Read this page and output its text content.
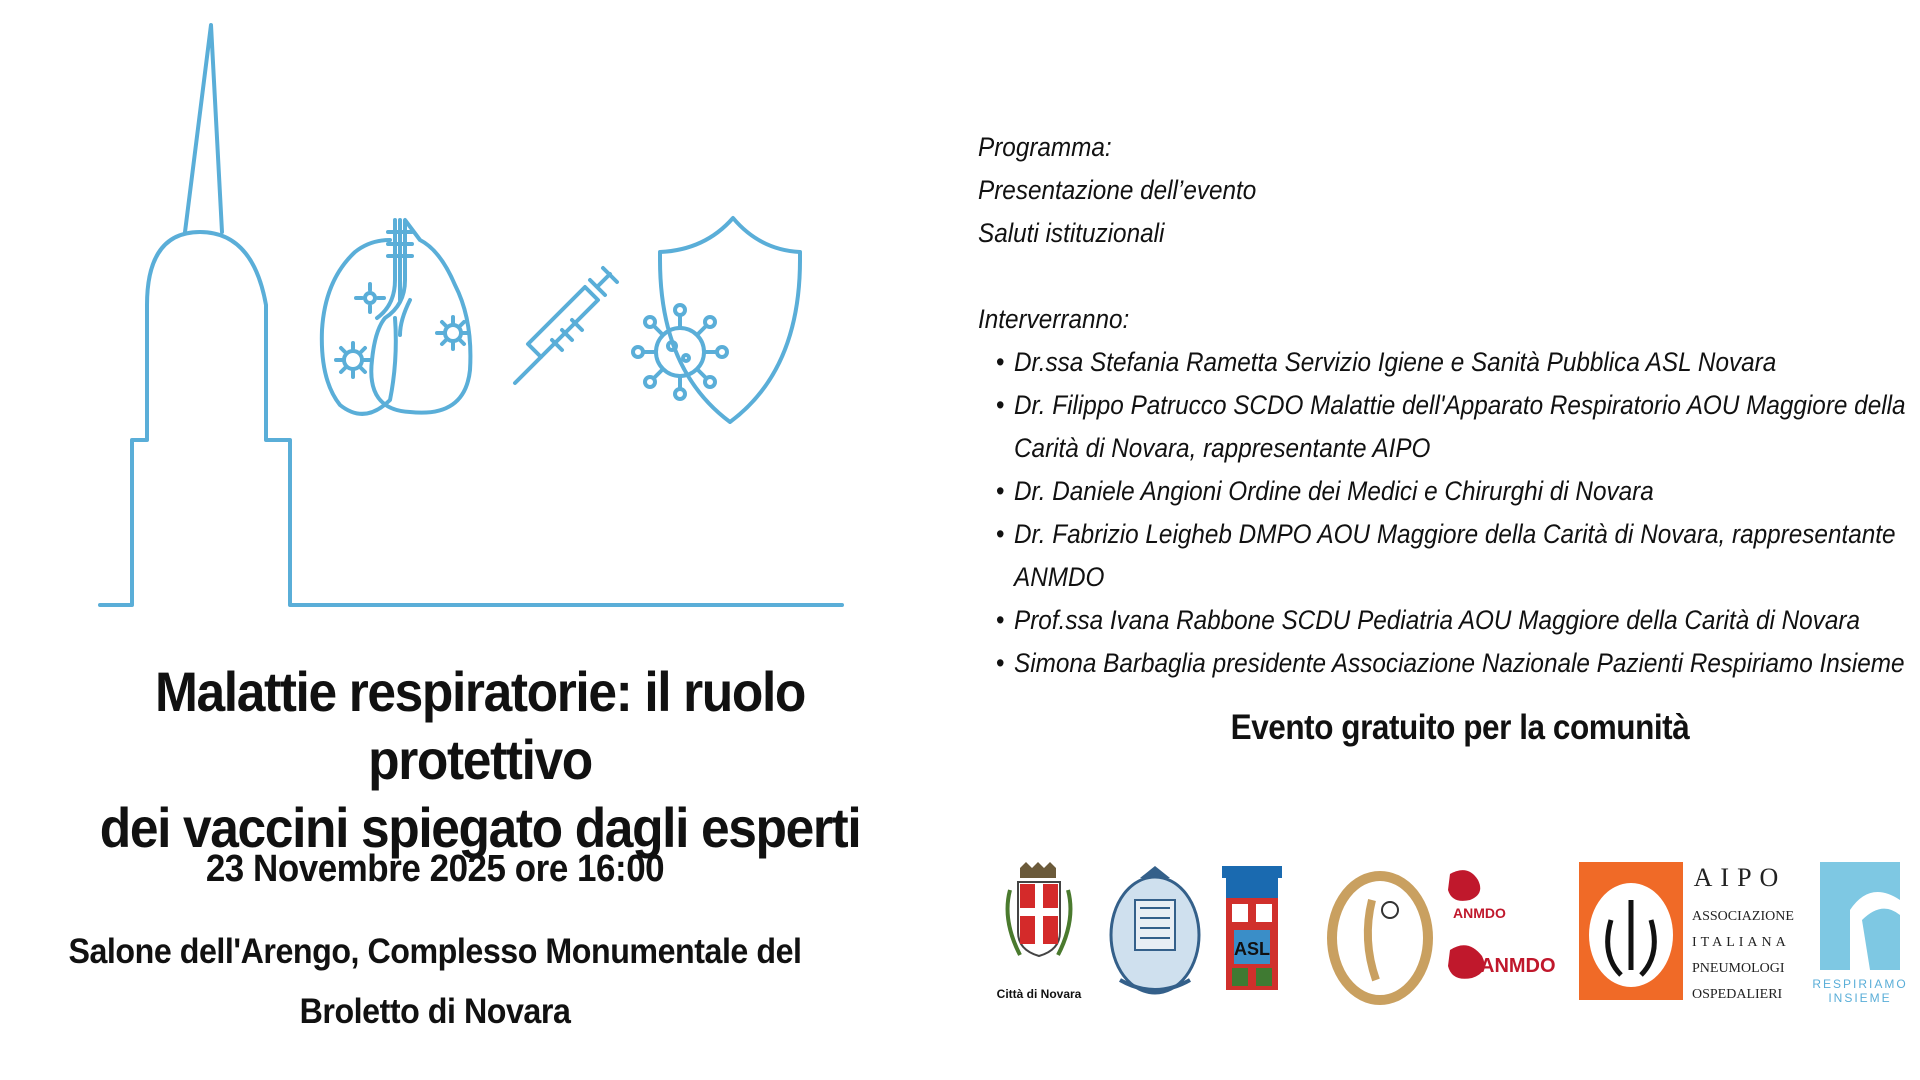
Malattie respiratorie: il ruolo protettivo
dei vaccini spiegato dagli esperti
23 Novembre 2025 ore 16:00
Salone dell'Arengo, Complesso Monumentale del
Broletto di Novara
Programma:
Presentazione dell’evento
Saluti istituzionali
Interverranno:
• Dr.ssa Stefania Rametta Servizio Igiene e Sanità Pubblica ASL Novara
• Dr. Filippo Patrucco SCDO Malattie dell'Apparato Respiratorio AOU Maggiore della
Carità di Novara, rappresentante AIPO
• Dr. Daniele Angioni Ordine dei Medici e Chirurghi di Novara
• Dr. Fabrizio Leigheb DMPO AOU Maggiore della Carità di Novara, rappresentante
ANMDO
• Prof.ssa Ivana Rabbone SCDU Pediatria AOU Maggiore della Carità di Novara
• Simona Barbaglia presidente Associazione Nazionale Pazienti Respiriamo Insieme
Evento gratuito per la comunità
Città di Novara
ASL
ANMDO
ANMDO
AIPO
ASSOCIAZIONE
ITALIANA
PNEUMOLOGI
OSPEDALIERI
RESPIRIAMO
INSIEME
